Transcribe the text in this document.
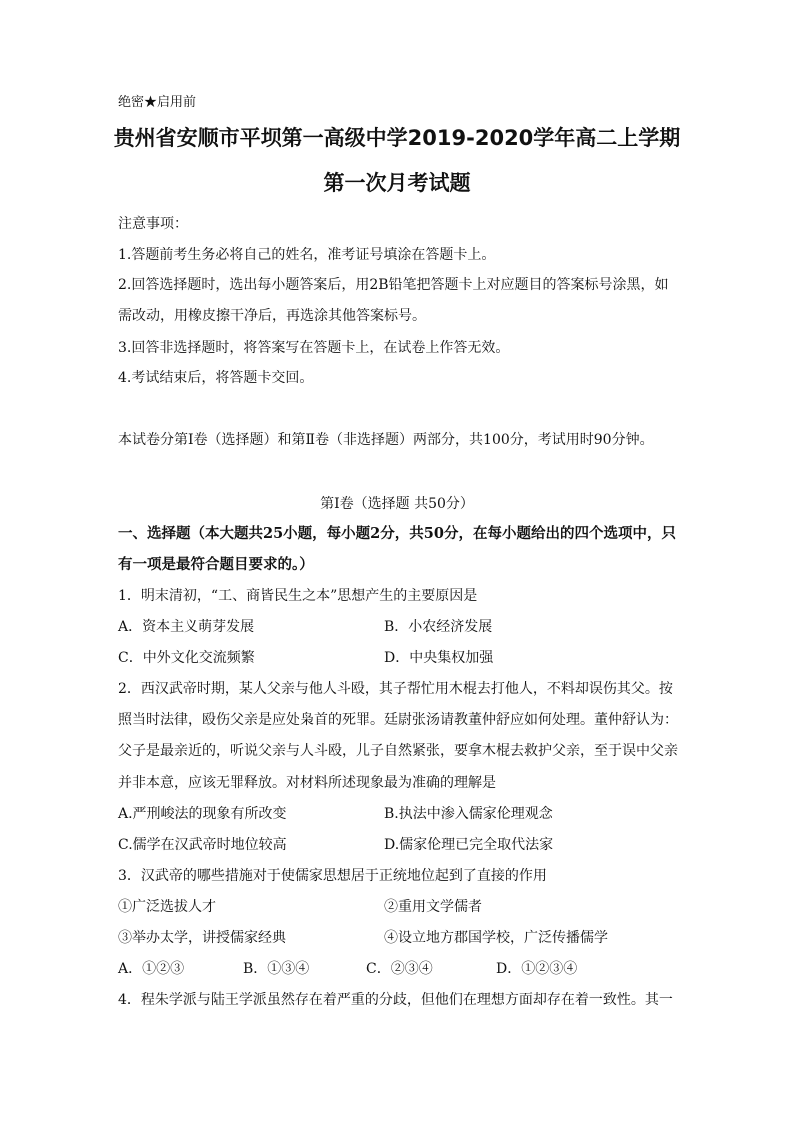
绝密★启用前
贵州省安顺市平坝第一高级中学2019-2020学年高二上学期
第一次月考试题
注意事项：
1.答题前考生务必将自己的姓名，准考证号填涂在答题卡上。
2.回答选择题时，选出每小题答案后，用2B铅笔把答题卡上对应题目的答案标号涂黑，如
需改动，用橡皮擦干净后，再选涂其他答案标号。
3.回答非选择题时，将答案写在答题卡上，在试卷上作答无效。
4.考试结束后，将答题卡交回。
本试卷分第Ⅰ卷（选择题）和第Ⅱ卷（非选择题）两部分，共100分，考试用时90分钟。
第Ⅰ卷（选择题 共50分）
一、选择题（本大题共25小题，每小题2分，共50分，在每小题给出的四个选项中，只
有一项是最符合题目要求的。）
1．明末清初，“工、商皆民生之本”思想产生的主要原因是
A．资本主义萌芽发展	B．小农经济发展
C．中外文化交流频繁	D．中央集权加强
2．西汉武帝时期，某人父亲与他人斗殴，其子帮忙用木棍去打他人，不料却误伤其父。按
照当时法律，殴伤父亲是应处枭首的死罪。廷尉张汤请教董仲舒应如何处理。董仲舒认为：
父子是最亲近的，听说父亲与人斗殴，儿子自然紧张，要拿木棍去救护父亲，至于误中父亲
并非本意，应该无罪释放。对材料所述现象最为准确的理解是
A.严刑峻法的现象有所改变	B.执法中渗入儒家伦理观念
C.儒学在汉武帝时地位较高	D.儒家伦理已完全取代法家
3．汉武帝的哪些措施对于使儒家思想居于正统地位起到了直接的作用
①广泛选拔人才	②重用文学儒者
③举办太学，讲授儒家经典	④设立地方郡国学校，广泛传播儒学
A．①②③	B．①③④	C．②③④	D．①②③④
4．程朱学派与陆王学派虽然存在着严重的分歧，但他们在理想方面却存在着一致性。其一
